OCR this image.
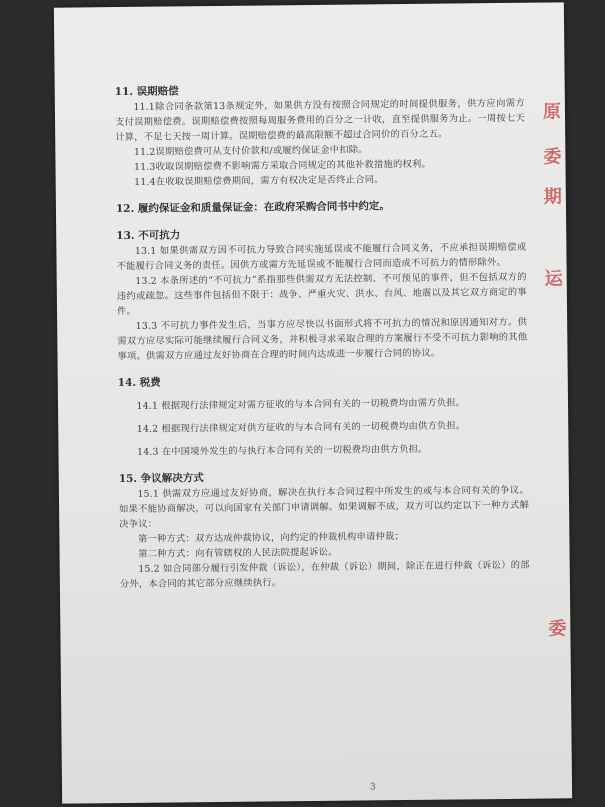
11. 误期赔偿

11.1除合同条款第13条规定外，如果供方没有按照合同规定的时间提供服务，供方应向需方支付误期赔偿费。误期赔偿费按照每周服务费用的百分之一计收，直至提供服务为止。一周按七天计算，不足七天按一周计算。误期赔偿费的最高限额不超过合同价的百分之五。

11.2误期赔偿费可从支付价款和/或履约保证金中扣除。

11.3收取误期赔偿费不影响需方采取合同规定的其他补救措施的权利。

11.4在收取误期赔偿费期间，需方有权决定是否终止合同。

12. 履约保证金和质量保证金：在政府采购合同书中约定。

13. 不可抗力

13.1 如果供需双方因不可抗力导致合同实施延误或不能履行合同义务，不应承担误期赔偿或不能履行合同义务的责任。因供方或需方先延误或不能履行合同而造成不可抗力的情形除外。

13.2 本条所述的“不可抗力”系指那些供需双方无法控制、不可预见的事件，但不包括双方的违约或疏忽。这些事件包括但不限于：战争、严重火灾、洪水、台风、地震以及其它双方商定的事件。

13.3 不可抗力事件发生后，当事方应尽快以书面形式将不可抗力的情况和原因通知对方。供需双方应尽实际可能继续履行合同义务，并积极寻求采取合理的方案履行不受不可抗力影响的其他事项。供需双方应通过友好协商在合理的时间内达成进一步履行合同的协议。

14. 税费

14.1 根据现行法律规定对需方征收的与本合同有关的一切税费均由需方负担。

14.2 根据现行法律规定对供方征收的与本合同有关的一切税费均由供方负担。

14.3 在中国境外发生的与执行本合同有关的一切税费均由供方负担。

15. 争议解决方式

15.1 供需双方应通过友好协商，解决在执行本合同过程中所发生的或与本合同有关的争议。如果不能协商解决，可以向国家有关部门申请调解。如果调解不成，双方可以约定以下一种方式解决争议：

第一种方式：双方达成仲裁协议，向约定的仲裁机构申请仲裁；

第二种方式：向有管辖权的人民法院提起诉讼。

15.2 如合同部分履行引发仲裁（诉讼），在仲裁（诉讼）期间，除正在进行仲裁（诉讼）的部分外，本合同的其它部分应继续执行。

3
原
委
期
运
委
